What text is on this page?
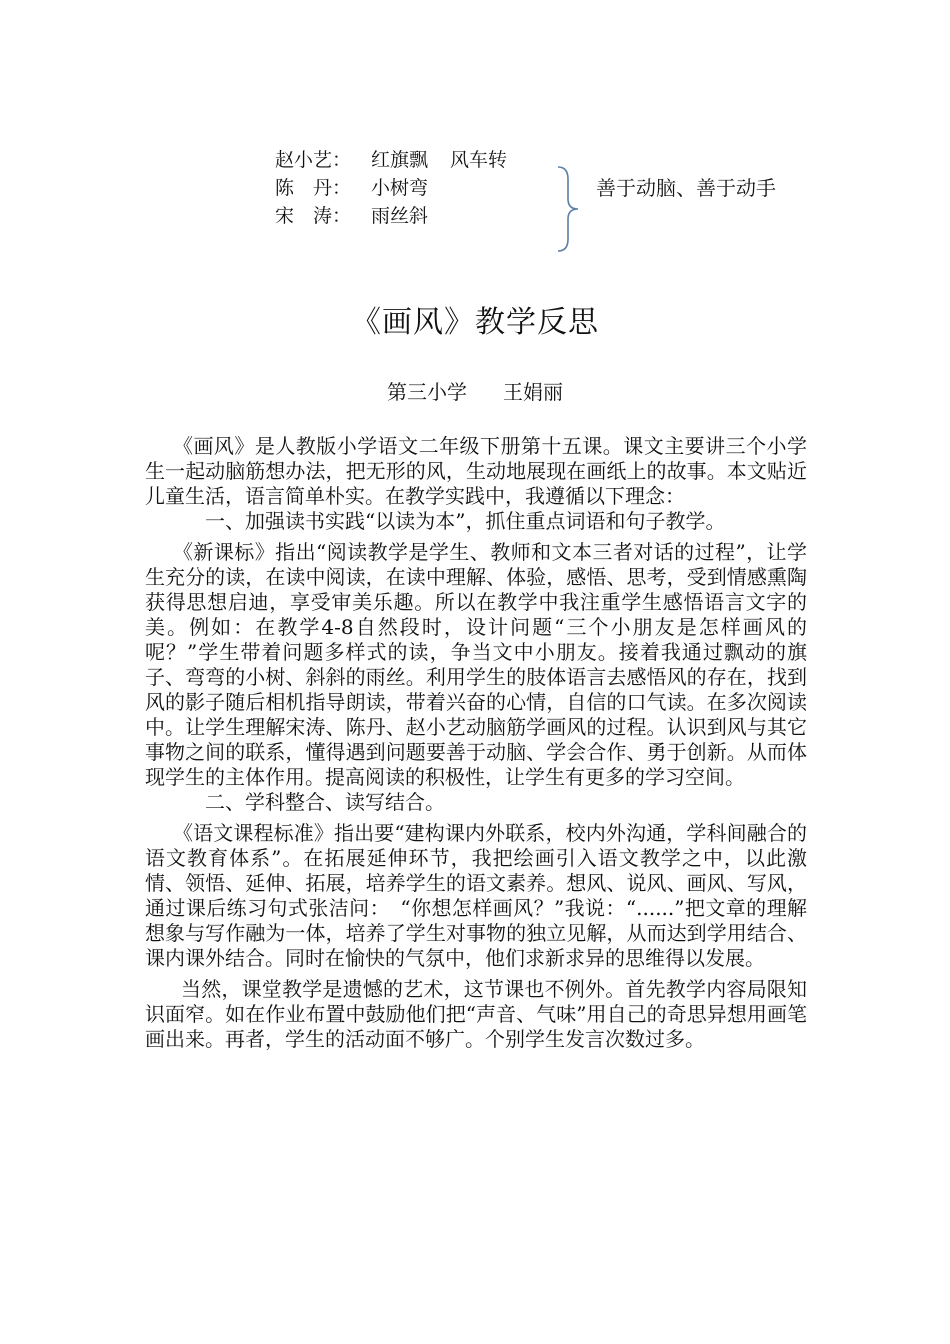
赵小艺： 红旗飘 风车转
陈　丹： 小树弯
宋　涛： 雨丝斜
善于动脑、善于动手
《画风》教学反思
第三小学 王娟丽

《画风》是人教版小学语文二年级下册第十五课。课文主要讲三个小学生一起动脑筋想办法，把无形的风，生动地展现在画纸上的故事。本文贴近儿童生活，语言简单朴实。在教学实践中，我遵循以下理念：

一、加强读书实践“以读为本”，抓住重点词语和句子教学。

《新课标》指出“阅读教学是学生、教师和文本三者对话的过程”，让学生充分的读，在读中阅读，在读中理解、体验，感悟、思考，受到情感熏陶获得思想启迪，享受审美乐趣。所以在教学中我注重学生感悟语言文字的美。例如：在教学4-8自然段时，设计问题“三个小朋友是怎样画风的呢？”学生带着问题多样式的读，争当文中小朋友。接着我通过飘动的旗子、弯弯的小树、斜斜的雨丝。利用学生的肢体语言去感悟风的存在，找到风的影子随后相机指导朗读，带着兴奋的心情，自信的口气读。在多次阅读中。让学生理解宋涛、陈丹、赵小艺动脑筋学画风的过程。认识到风与其它事物之间的联系，懂得遇到问题要善于动脑、学会合作、勇于创新。从而体现学生的主体作用。提高阅读的积极性，让学生有更多的学习空间。

二、学科整合、读写结合。

《语文课程标准》指出要“建构课内外联系，校内外沟通，学科间融合的语文教育体系”。在拓展延伸环节，我把绘画引入语文教学之中，以此激情、领悟、延伸、拓展，培养学生的语文素养。想风、说风、画风、写风，通过课后练习句式张洁问：　“你想怎样画风？”我说：“......”把文章的理解想象与写作融为一体，培养了学生对事物的独立见解，从而达到学用结合、课内课外结合。同时在愉快的气氛中，他们求新求异的思维得以发展。

当然，课堂教学是遗憾的艺术，这节课也不例外。首先教学内容局限知识面窄。如在作业布置中鼓励他们把“声音、气味”用自己的奇思异想用画笔画出来。再者，学生的活动面不够广。个别学生发言次数过多。
